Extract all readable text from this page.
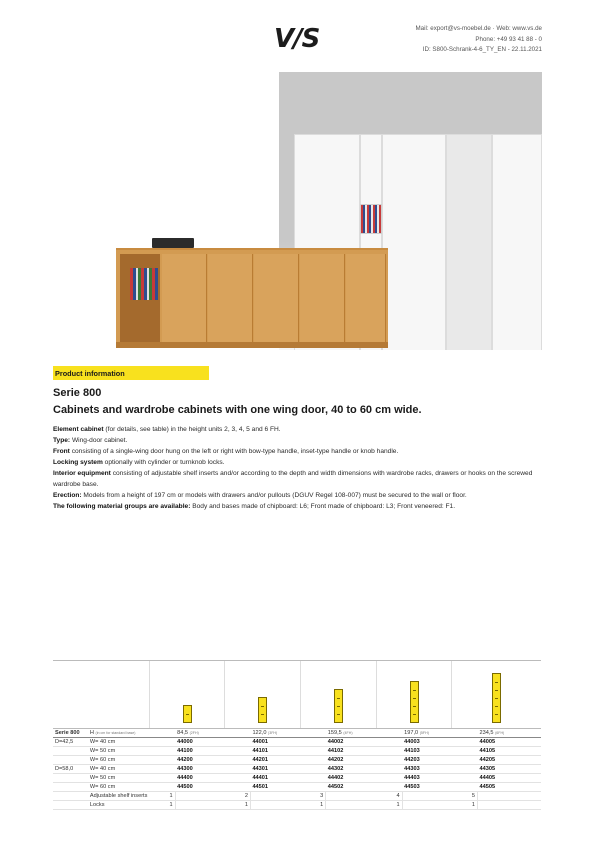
V/S	Mail: export@vs-moebel.de · Web: www.vs.de
Phone: +49 93 41 88 - 0
ID: S800-Schrank-4-6_TY_EN - 22.11.2021
Product information
Serie 800
Cabinets and wardrobe cabinets with one wing door, 40 to 60 cm wide.

Element cabinet (for details, see table) in the height units 2, 3, 4, 5 and 6 FH.

Type: Wing-door cabinet.

Front consisting of a single-wing door hung on the left or right with bow-type handle, inset-type handle or knob handle.

Locking system optionally with cylinder or turnknob locks.

Interior equipment consisting of adjustable shelf inserts and/or according to the depth and width dimensions with wardrobe racks, drawers or hooks on the screwed wardrobe base.

Erection: Models from a height of 197 cm or models with drawers and/or pullouts (DGUV Regel 108-007) must be secured to the wall or floor.

The following material groups are available: Body and bases made of chipboard: L6; Front made of chipboard: L3; Front veneered: F1.

Serie 800	H (in cm for standard base)		84,5 (2FH)		122,0 (3FH)		159,5 (4FH)		197,0 (5FH)		234,5 (6FH)
D=42,5	W= 40 cm		44000		44001		44002		44003		44005
	W= 50 cm		44100		44101		44102		44103		44105
	W= 60 cm		44200		44201		44202		44203		44205
D=58,0	W= 40 cm		44300		44301		44302		44303		44305
	W= 50 cm		44400		44401		44402		44403		44405
	W= 60 cm		44500		44501		44502		44503		44505
	Adjustable shelf inserts	1		2		3		4		5	
	Locks	1		1		1		1		1	
